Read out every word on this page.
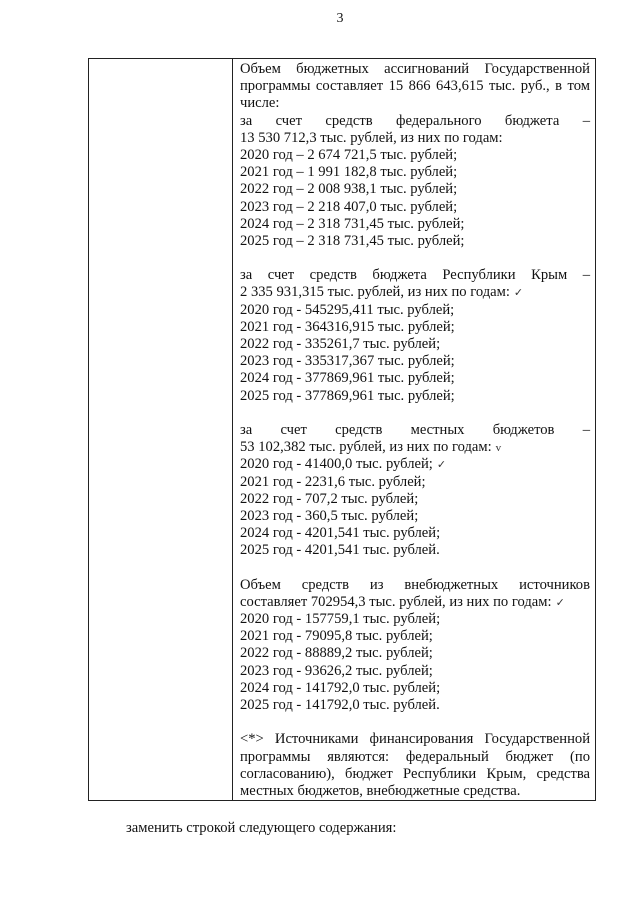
3
Объем бюджетных ассигнований Государственной
программы составляет 15 866 643,615 тыс. руб., в том
числе:
за счет средств федерального бюджета –
13 530 712,3 тыс. рублей, из них по годам:
2020 год – 2 674 721,5 тыс. рублей;
2021 год – 1 991 182,8 тыс. рублей;
2022 год – 2 008 938,1 тыс. рублей;
2023 год – 2 218 407,0 тыс. рублей;
2024 год – 2 318 731,45 тыс. рублей;
2025 год – 2 318 731,45 тыс. рублей;
за счет средств бюджета Республики Крым –
2 335 931,315 тыс. рублей, из них по годам: ✓
2020 год - 545295,411 тыс. рублей;
2021 год - 364316,915 тыс. рублей;
2022 год - 335261,7 тыс. рублей;
2023 год - 335317,367 тыс. рублей;
2024 год - 377869,961 тыс. рублей;
2025 год - 377869,961 тыс. рублей;
за счет средств местных бюджетов –
53 102,382 тыс. рублей, из них по годам: v
2020 год - 41400,0 тыс. рублей; ✓
2021 год - 2231,6 тыс. рублей;
2022 год - 707,2 тыс. рублей;
2023 год - 360,5 тыс. рублей;
2024 год - 4201,541 тыс. рублей;
2025 год - 4201,541 тыс. рублей.
Объем средств из внебюджетных источников
составляет 702954,3 тыс. рублей, из них по годам: ✓
2020 год - 157759,1 тыс. рублей;
2021 год - 79095,8 тыс. рублей;
2022 год - 88889,2 тыс. рублей;
2023 год - 93626,2 тыс. рублей;
2024 год - 141792,0 тыс. рублей;
2025 год - 141792,0 тыс. рублей.
<*> Источниками финансирования Государственной
программы являются: федеральный бюджет (по
согласованию), бюджет Республики Крым, средства
местных бюджетов, внебюджетные средства.
заменить строкой следующего содержания:
